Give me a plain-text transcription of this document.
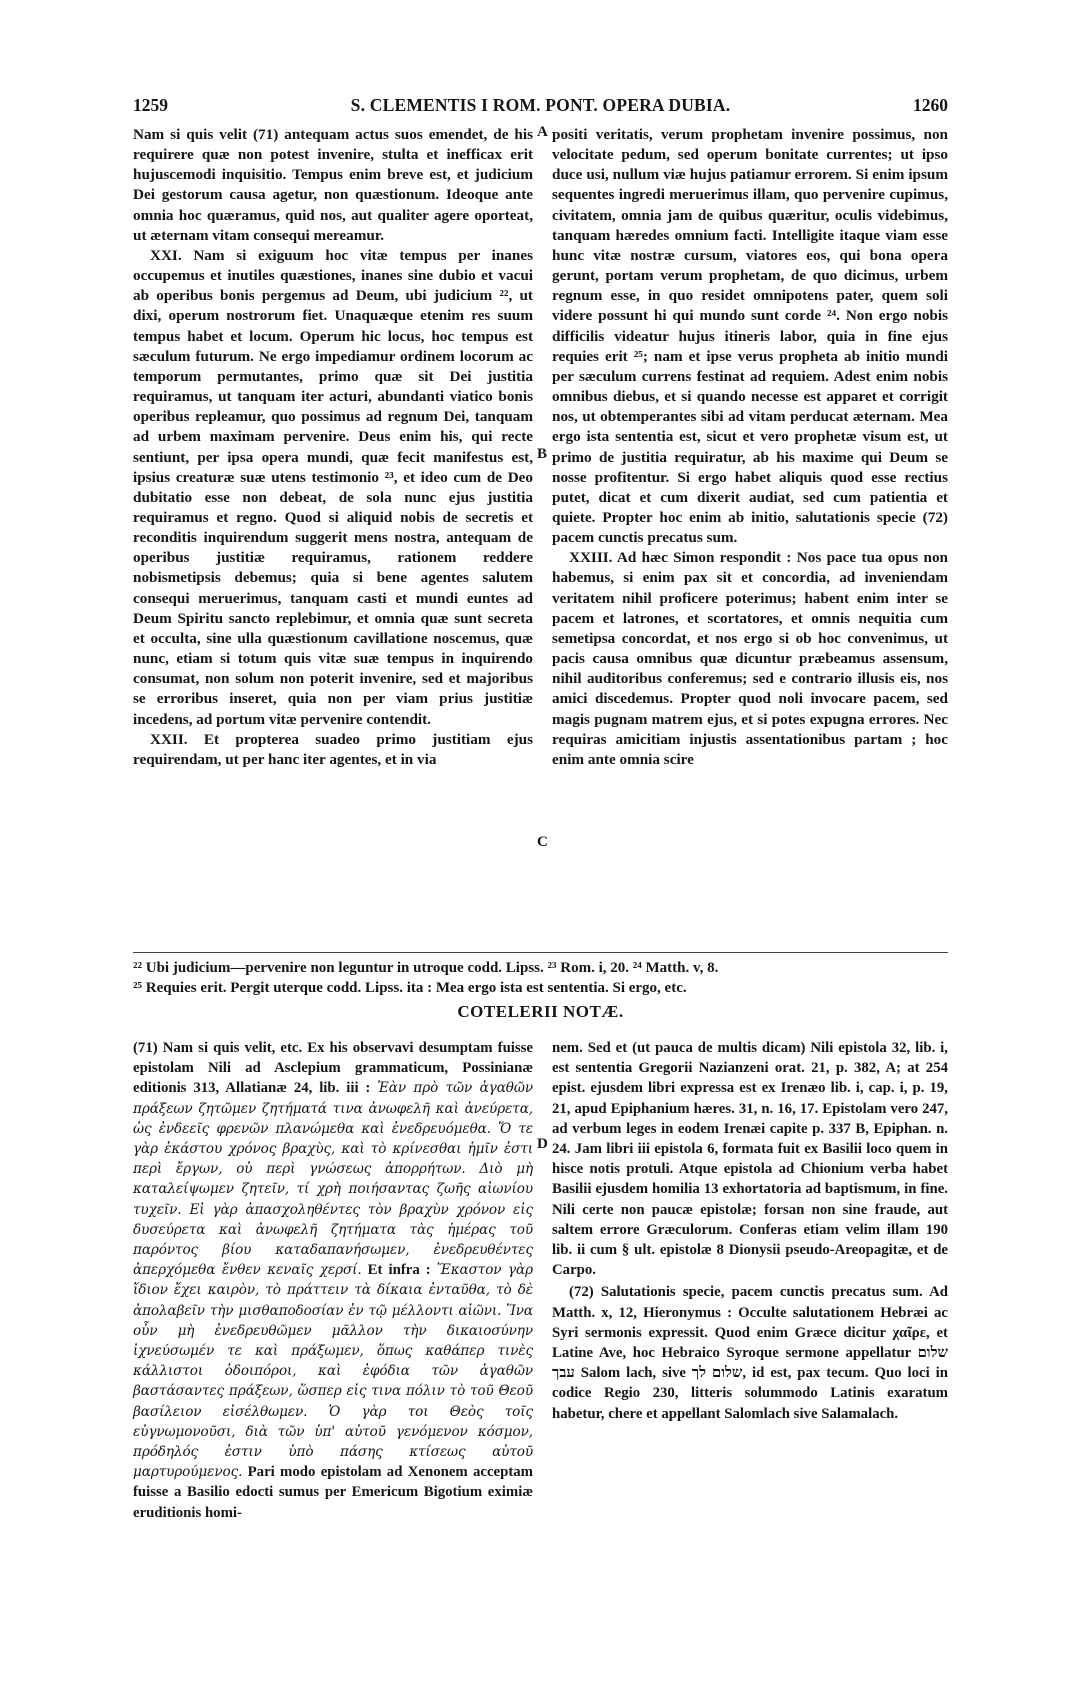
1259	S. CLEMENTIS I ROM. PONT. OPERA DUBIA.	1260

Nam si quis velit (71) antequam actus suos emendet, de his requirere quæ non potest invenire, stulta et inefficax erit hujuscemodi inquisitio. Tempus enim breve est, et judicium Dei gestorum causa agetur, non quæstionum. Ideoque ante omnia hoc quæramus, quid nos, aut qualiter agere oporteat, ut æternam vitam consequi mereamur.

XXI. Nam si exiguum hoc vitæ tempus per inanes occupemus et inutiles quæstiones, inanes sine dubio et vacui ab operibus bonis pergemus ad Deum, ubi judicium ²², ut dixi, operum nostrorum fiet. Unaquæque etenim res suum tempus habet et locum. Operum hic locus, hoc tempus est sæculum futurum. Ne ergo impediamur ordinem locorum ac temporum permutantes, primo quæ sit Dei justitia requiramus, ut tanquam iter acturi, abundanti viatico bonis operibus repleamur, quo possimus ad regnum Dei, tanquam ad urbem maximam pervenire. Deus enim his, qui recte sentiunt, per ipsa opera mundi, quæ fecit manifestus est, ipsius creaturæ suæ utens testimonio ²³, et ideo cum de Deo dubitatio esse non debeat, de sola nunc ejus justitia requiramus et regno. Quod si aliquid nobis de secretis et reconditis inquirendum suggerit mens nostra, antequam de operibus justitiæ requiramus, rationem reddere nobismetipsis debemus; quia si bene agentes salutem consequi meruerimus, tanquam casti et mundi euntes ad Deum Spiritu sancto replebimur, et omnia quæ sunt secreta et occulta, sine ulla quæstionum cavillatione noscemus, quæ nunc, etiam si totum quis vitæ suæ tempus in inquirendo consumat, non solum non poterit invenire, sed et majoribus se erroribus inseret, quia non per viam prius justitiæ incedens, ad portum vitæ pervenire contendit.

XXII. Et propterea suadeo primo justitiam ejus requirendam, ut per hanc iter agentes, et in via

positi veritatis, verum prophetam invenire possimus, non velocitate pedum, sed operum bonitate currentes; ut ipso duce usi, nullum viæ hujus patiamur errorem. Si enim ipsum sequentes ingredi meruerimus illam, quo pervenire cupimus, civitatem, omnia jam de quibus quæritur, oculis videbimus, tanquam hæredes omnium facti. Intelligite itaque viam esse hunc vitæ nostræ cursum, viatores eos, qui bona opera gerunt, portam verum prophetam, de quo dicimus, urbem regnum esse, in quo residet omnipotens pater, quem soli videre possunt hi qui mundo sunt corde ²⁴. Non ergo nobis difficilis videatur hujus itineris labor, quia in fine ejus requies erit ²⁵; nam et ipse verus propheta ab initio mundi per sæculum currens festinat ad requiem. Adest enim nobis omnibus diebus, et si quando necesse est apparet et corrigit nos, ut obtemperantes sibi ad vitam perducat æternam. Mea ergo ista sententia est, sicut et vero prophetæ visum est, ut primo de justitia requiratur, ab his maxime qui Deum se nosse profitentur. Si ergo habet aliquis quod esse rectius putet, dicat et cum dixerit audiat, sed cum patientia et quiete. Propter hoc enim ab initio, salutationis specie (72) pacem cunctis precatus sum.

XXIII. Ad hæc Simon respondit : Nos pace tua opus non habemus, si enim pax sit et concordia, ad inveniendam veritatem nihil proficere poterimus; habent enim inter se pacem et latrones, et scortatores, et omnis nequitia cum semetipsa concordat, et nos ergo si ob hoc convenimus, ut pacis causa omnibus quæ dicuntur præbeamus assensum, nihil auditoribus conferemus; sed e contrario illusis eis, nos amici discedemus. Propter quod noli invocare pacem, sed magis pugnam matrem ejus, et si potes expugna errores. Nec requiras amicitiam injustis assentationibus partam ; hoc enim ante omnia scire

A
B
C
D

²² Ubi judicium—pervenire non leguntur in utroque codd. Lipss. ²³ Rom. i, 20. ²⁴ Matth. v, 8.

²⁵ Requies erit. Pergit uterque codd. Lipss. ita : Mea ergo ista est sententia. Si ergo, etc.

COTELERII NOTÆ.

(71) Nam si quis velit, etc. Ex his observavi desumptam fuisse epistolam Nili ad Asclepium grammaticum, Possinianæ editionis 313, Allatianæ 24, lib. iii : Ἐὰν πρὸ τῶν ἀγαθῶν πράξεων ζητῶμεν ζητήματά τινα ἀνωφελῆ καὶ ἀνεύρετα, ὡς ἐνδεεῖς φρενῶν πλανώμεθα καὶ ἐνεδρευόμεθα. Ὅ τε γὰρ ἑκάστου χρόνος βραχὺς, καὶ τὸ κρίνεσθαι ἡμῖν ἐστι περὶ ἔργων, οὐ περὶ γνώσεως ἀπορρήτων. Διὸ μὴ καταλείψωμεν ζητεῖν, τί χρὴ ποιήσαντας ζωῆς αἰωνίου τυχεῖν. Εἰ γὰρ ἀπασχοληθέντες τὸν βραχὺν χρόνον εἰς δυσεύρετα καὶ ἀνωφελῆ ζητήματα τὰς ἡμέρας τοῦ παρόντος βίου καταδαπανήσωμεν, ἐνεδρευθέντες ἀπερχόμεθα ἔνθεν κεναῖς χερσί. Et infra : Ἕκαστον γὰρ ἴδιον ἔχει καιρὸν, τὸ πράττειν τὰ δίκαια ἐνταῦθα, τὸ δὲ ἀπολαβεῖν τὴν μισθαποδοσίαν ἐν τῷ μέλλοντι αἰῶνι. Ἵνα οὖν μὴ ἐνεδρευθῶμεν μᾶλλον τὴν δικαιοσύνην ἰχνεύσωμέν τε καὶ πράξωμεν, ὅπως καθάπερ τινὲς κάλλιστοι ὁδοιπόροι, καὶ ἐφόδια τῶν ἀγαθῶν βαστάσαντες πράξεων, ὥσπερ εἰς τινα πόλιν τὸ τοῦ Θεοῦ βασίλειον εἰσέλθωμεν. Ὁ γὰρ τοι Θεὸς τοῖς εὐγνωμονοῦσι, διὰ τῶν ὑπ' αὐτοῦ γενόμενον κόσμον, πρόδηλός ἐστιν ὑπὸ πάσης κτίσεως αὐτοῦ μαρτυρούμενος. Pari modo epistolam ad Xenonem acceptam fuisse a Basilio edocti sumus per Emericum Bigotium eximiæ eruditionis homi-

nem. Sed et (ut pauca de multis dicam) Nili epistola 32, lib. i, est sententia Gregorii Nazianzeni orat. 21, p. 382, A; at 254 epist. ejusdem libri expressa est ex Irenæo lib. i, cap. i, p. 19, 21, apud Epiphanium hæres. 31, n. 16, 17. Epistolam vero 247, ad verbum leges in eodem Irenæi capite p. 337 B, Epiphan. n. 24. Jam libri iii epistola 6, formata fuit ex Basilii loco quem in hisce notis protuli. Atque epistola ad Chionium verba habet Basilii ejusdem homilia 13 exhortatoria ad baptismum, in fine. Nili certe non paucæ epistolæ; forsan non sine fraude, aut saltem errore Græculorum. Conferas etiam velim illam 190 lib. ii cum § ult. epistolæ 8 Dionysii pseudo-Areopagitæ, et de Carpo.

(72) Salutationis specie, pacem cunctis precatus sum. Ad Matth. x, 12, Hieronymus : Occulte salutationem Hebræi ac Syri sermonis expressit. Quod enim Græce dicitur χαῖρε, et Latine Ave, hoc Hebraico Syroque sermone appellatur שלום עבך Salom lach, sive שלום לך, id est, pax tecum. Quo loci in codice Regio 230, litteris solummodo Latinis exaratum habetur, chere et appellant Salomlach sive Salamalach.
